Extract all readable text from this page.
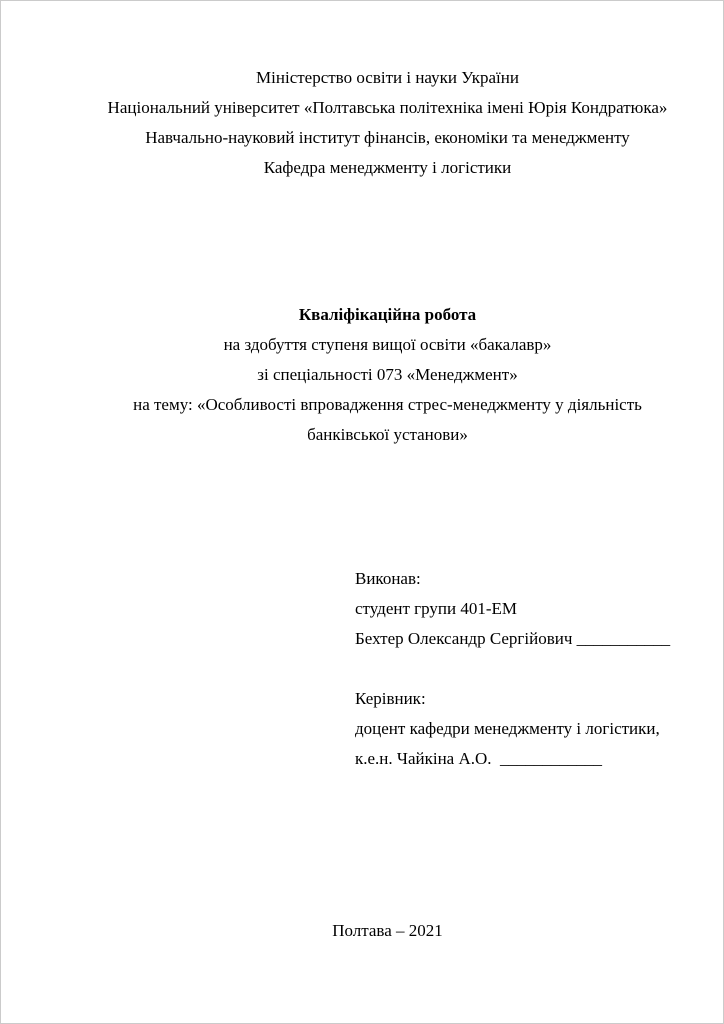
Міністерство освіти і науки України

Національний університет «Полтавська політехніка імені Юрія Кондратюка»

Навчально-науковий інститут фінансів, економіки та менеджменту

Кафедра менеджменту і логістики

Кваліфікаційна робота

на здобуття ступеня вищої освіти «бакалавр»

зі спеціальності 073 «Менеджмент»

на тему: «Особливості впровадження стрес-менеджменту у діяльність

банківської установи»

Виконав:

студент групи 401-ЕМ

Бехтер Олександр Сергійович ___________

Керівник:

доцент кафедри менеджменту і логістики,

к.е.н. Чайкіна А.О.  ____________

Полтава – 2021
